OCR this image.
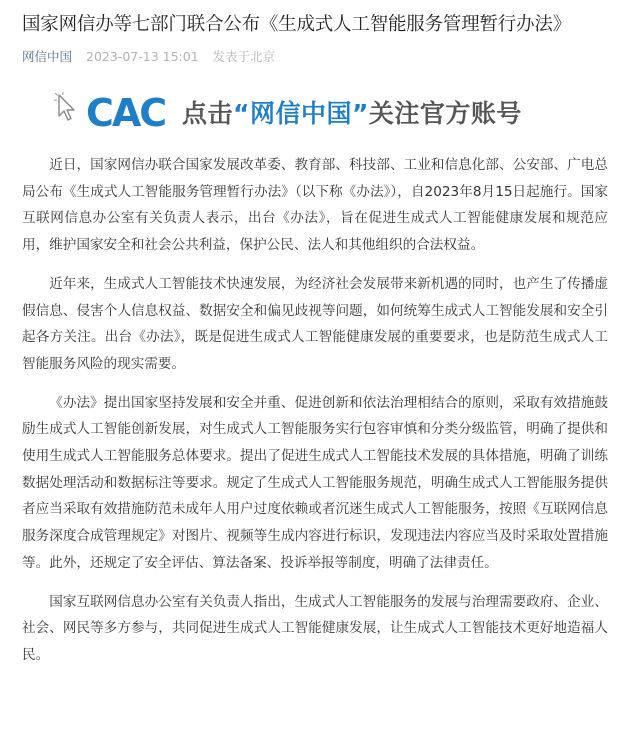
国家网信办等七部门联合公布《生成式人工智能服务管理暂行办法》
网信中国 2023-07-13 15:01 发表于北京
CAC 点击“网信中国”关注官方账号

近日，国家网信办联合国家发展改革委、教育部、科技部、工业和信息化部、公安部、广电总局公布《生成式人工智能服务管理暂行办法》（以下称《办法》），自2023年8月15日起施行。国家互联网信息办公室有关负责人表示，出台《办法》，旨在促进生成式人工智能健康发展和规范应用，维护国家安全和社会公共利益，保护公民、法人和其他组织的合法权益。

近年来，生成式人工智能技术快速发展，为经济社会发展带来新机遇的同时，也产生了传播虚假信息、侵害个人信息权益、数据安全和偏见歧视等问题，如何统筹生成式人工智能发展和安全引起各方关注。出台《办法》，既是促进生成式人工智能健康发展的重要要求，也是防范生成式人工智能服务风险的现实需要。

《办法》提出国家坚持发展和安全并重、促进创新和依法治理相结合的原则，采取有效措施鼓励生成式人工智能创新发展，对生成式人工智能服务实行包容审慎和分类分级监管，明确了提供和使用生成式人工智能服务总体要求。提出了促进生成式人工智能技术发展的具体措施，明确了训练数据处理活动和数据标注等要求。规定了生成式人工智能服务规范，明确生成式人工智能服务提供者应当采取有效措施防范未成年人用户过度依赖或者沉迷生成式人工智能服务，按照《互联网信息服务深度合成管理规定》对图片、视频等生成内容进行标识，发现违法内容应当及时采取处置措施等。此外，还规定了安全评估、算法备案、投诉举报等制度，明确了法律责任。

国家互联网信息办公室有关负责人指出，生成式人工智能服务的发展与治理需要政府、企业、社会、网民等多方参与，共同促进生成式人工智能健康发展，让生成式人工智能技术更好地造福人民。
